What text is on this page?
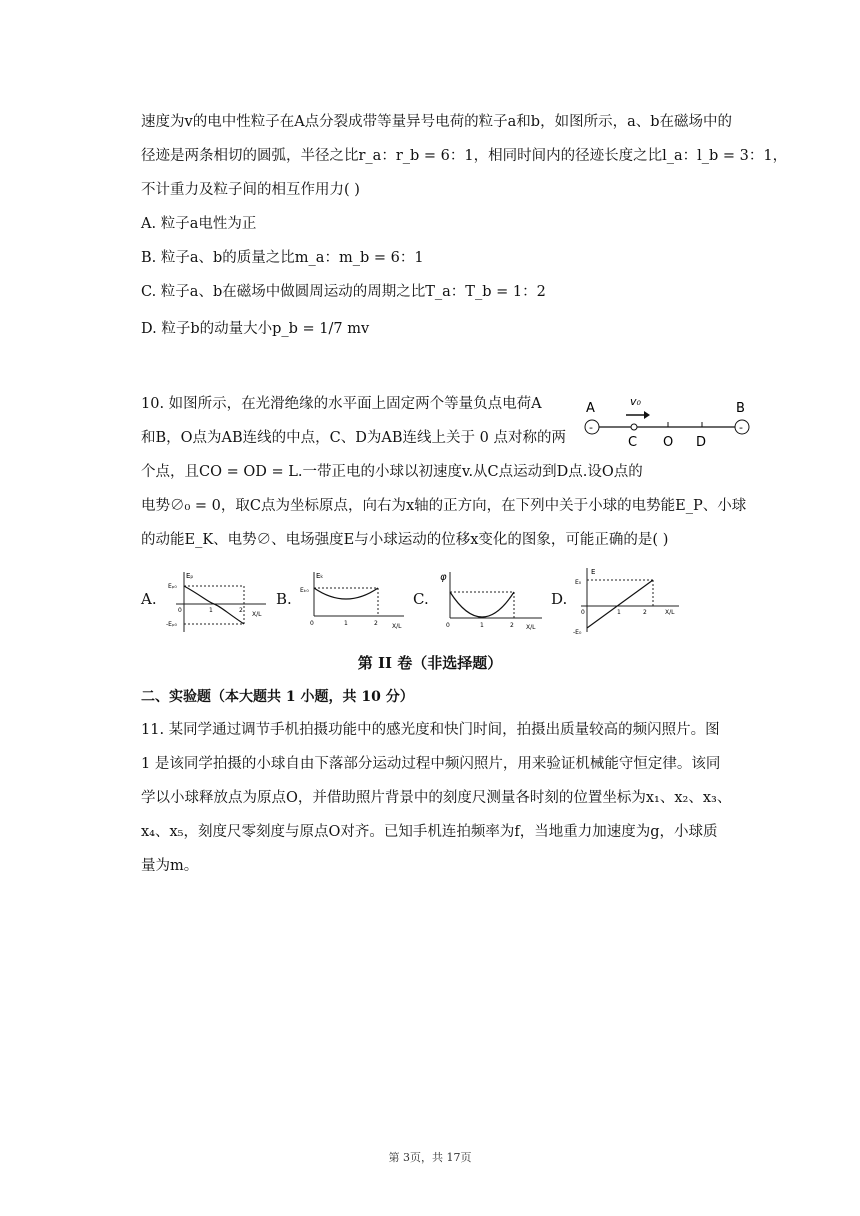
速度为v的电中性粒子在A点分裂成带等量异号电荷的粒子a和b，如图所示，a、b在磁场中的
径迹是两条相切的圆弧，半径之比r_a：r_b = 6：1，相同时间内的径迹长度之比l_a：l_b = 3：1，
不计重力及粒子间的相互作用力( )
A. 粒子a电性为正
B. 粒子a、b的质量之比m_a：m_b = 6：1
C. 粒子a、b在磁场中做圆周运动的周期之比T_a：T_b = 1：2
D. 粒子b的动量大小p_b = 1/7 mv
10. 如图所示，在光滑绝缘的水平面上固定两个等量负点电荷A
和B，O点为AB连线的中点，C、D为AB连线上关于 0 点对称的两
个点，且CO = OD = L.一带正电的小球以初速度v.从C点运动到D点.设O点的
电势∅₀ = 0，取C点为坐标原点，向右为x轴的正方向，在下列中关于小球的电势能E_P、小球
的动能E_K、电势∅、电场强度E与小球运动的位移x变化的图象，可能正确的是( )
A	B
-	-
v₀
C O D
A.	B.	C.	D.
Eₚ
Eₚ₀
-Eₚ₀
0	1	2
X/L
Eₖ
Eₖ₀
0	1	2 X/L
φ
0	1	2 X/L
E
E₀
-E₀
0	1	2	X/L
第 II 卷（非选择题）
二、实验题（本大题共 1 小题，共 10 分）
11. 某同学通过调节手机拍摄功能中的感光度和快门时间，拍摄出质量较高的频闪照片。图
1 是该同学拍摄的小球自由下落部分运动过程中频闪照片，用来验证机械能守恒定律。该同
学以小球释放点为原点O，并借助照片背景中的刻度尺测量各时刻的位置坐标为x₁、x₂、x₃、
x₄、x₅，刻度尺零刻度与原点O对齐。已知手机连拍频率为f，当地重力加速度为g，小球质
量为m。
第 3页，共 17页
